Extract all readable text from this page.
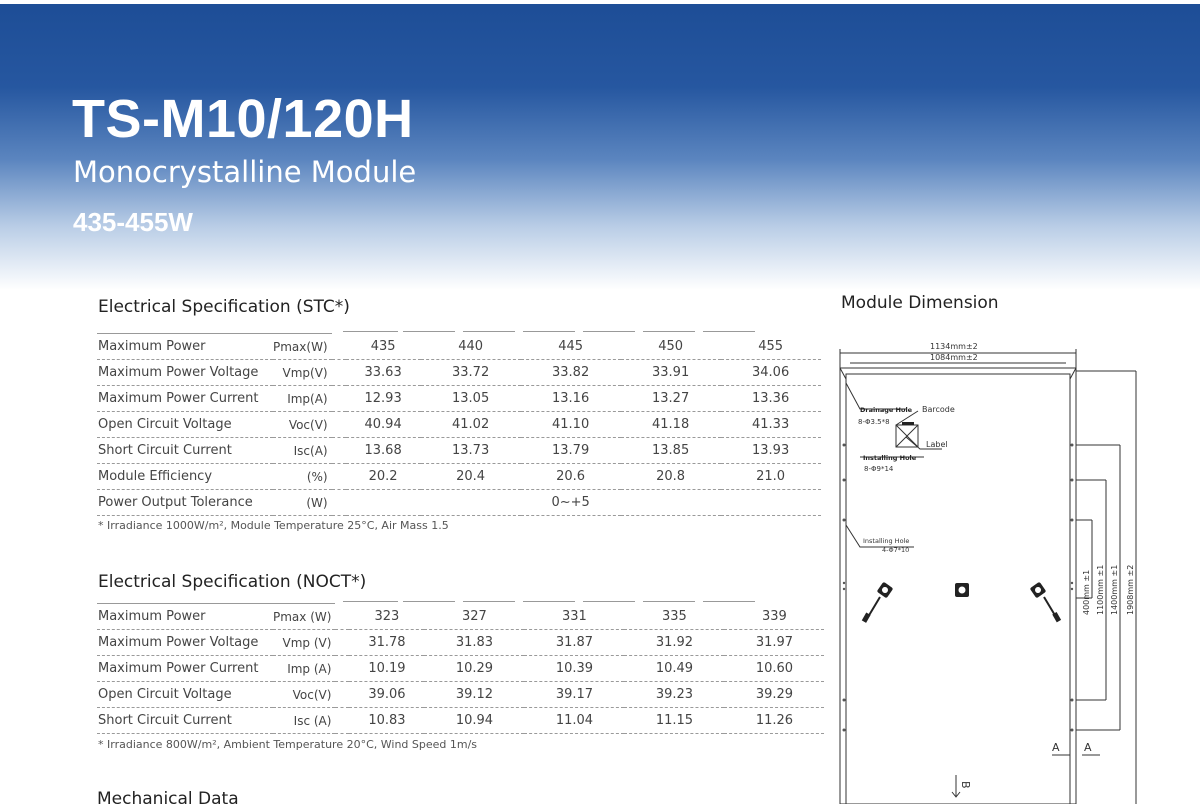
TS-M10/120H
Monocrystalline Module
435-455W
Electrical Specification (STC*)
Maximum Power	Pmax(W)		435	440	445	450	455
Maximum Power Voltage	Vmp(V)		33.63	33.72	33.82	33.91	34.06
Maximum Power Current	Imp(A)		12.93	13.05	13.16	13.27	13.36
Open Circuit Voltage	Voc(V)		40.94	41.02	41.10	41.18	41.33
Short Circuit Current	Isc(A)		13.68	13.73	13.79	13.85	13.93
Module Efficiency	(%)		20.2	20.4	20.6	20.8	21.0
Power Output Tolerance	(W)				0~+5		
* Irradiance 1000W/m², Module Temperature 25°C, Air Mass 1.5
Electrical Specification (NOCT*)
Maximum Power	Pmax (W)		323	327	331	335	339
Maximum Power Voltage	Vmp (V)		31.78	31.83	31.87	31.92	31.97
Maximum Power Current	Imp (A)		10.19	10.29	10.39	10.49	10.60
Open Circuit Voltage	Voc(V)		39.06	39.12	39.17	39.23	39.29
Short Circuit Current	Isc (A)		10.83	10.94	11.04	11.15	11.26
* Irradiance 800W/m², Ambient Temperature 20°C, Wind Speed 1m/s
Mechanical Data
Module Dimension
1134mm±2
1084mm±2
Drainage Hole
8-Φ3.5*8
Barcode
Label
Installing Hole
8-Φ9*14
Installing Hole
4-Φ7*10
400mm ±1 1100mm ±1 1400mm ±1 1908mm ±2
A A
B
